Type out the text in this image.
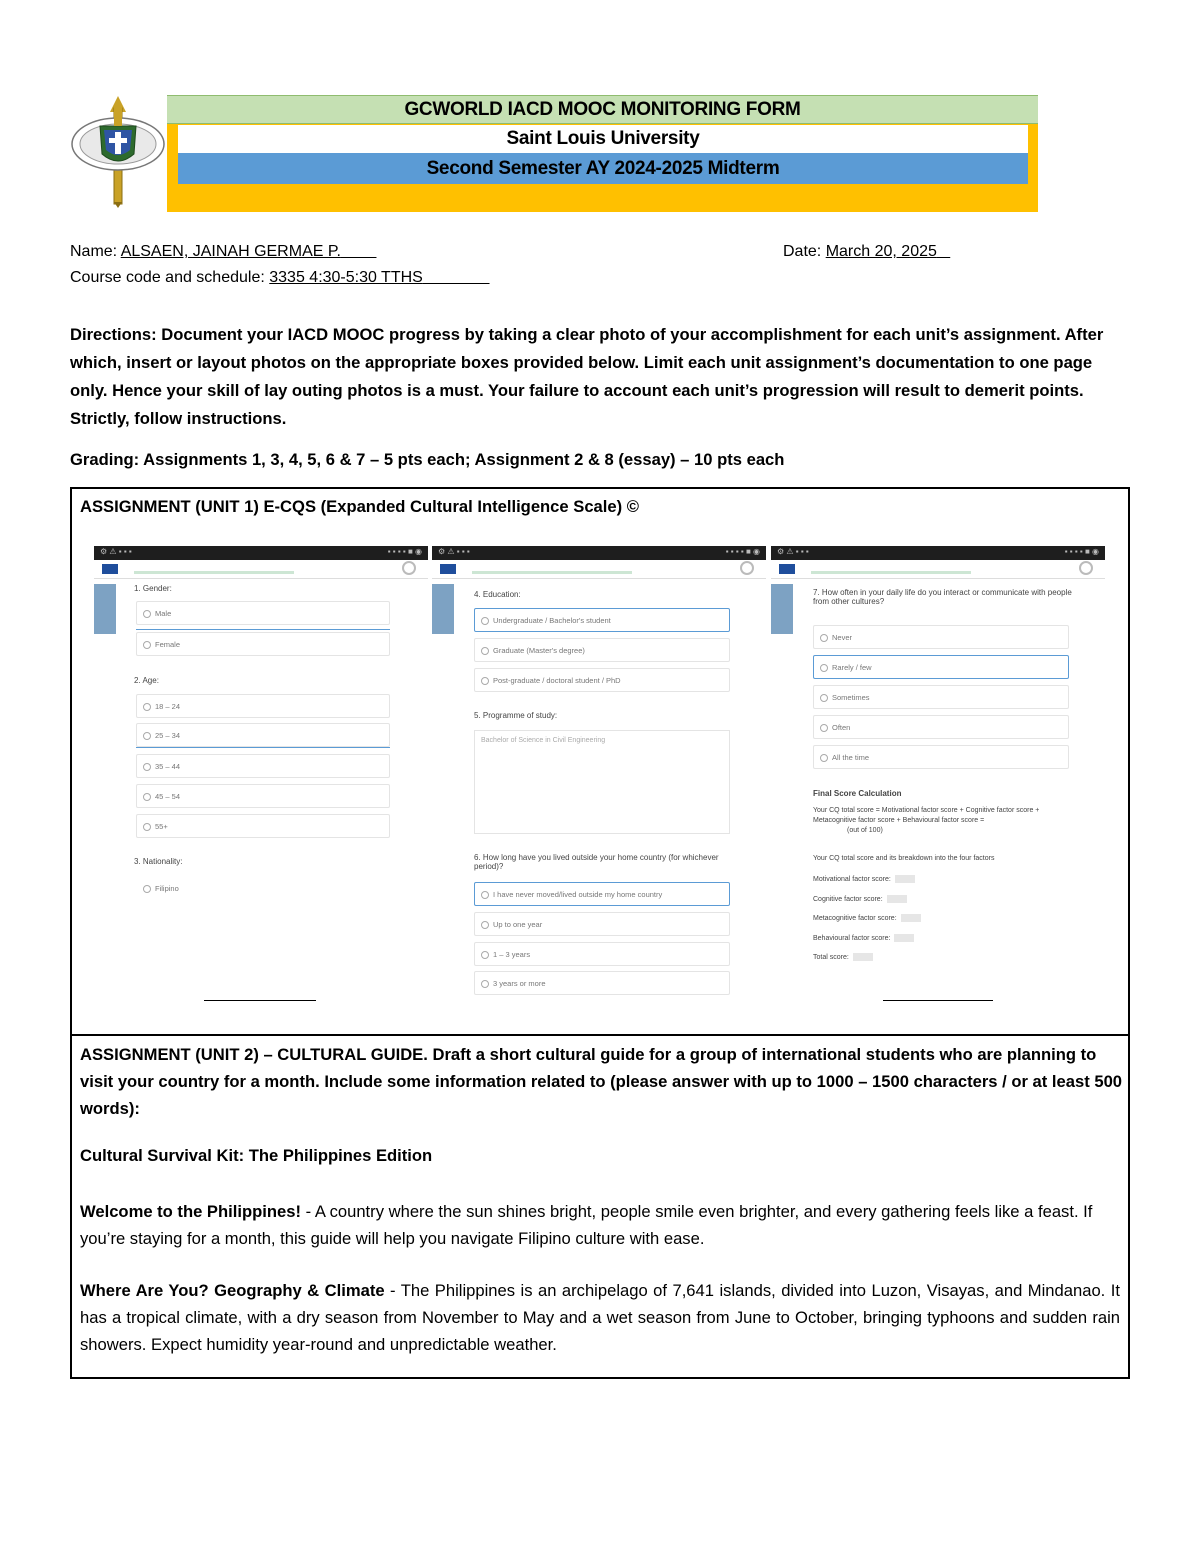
GCWORLD IACD MOOC MONITORING FORM
Saint Louis University
Second Semester AY 2024-2025 Midterm
Name: ALSAEN, JAINAH GERMAE P.	Date: March 20, 2025
Course code and schedule: 3335 4:30-5:30 TTHS
Directions: Document your IACD MOOC progress by taking a clear photo of your accomplishment for each unit’s assignment. After which, insert or layout photos on the appropriate boxes provided below. Limit each unit assignment’s documentation to one page only. Hence your skill of lay outing photos is a must. Your failure to account each unit’s progression will result to demerit points. Strictly, follow instructions.
Grading: Assignments 1, 3, 4, 5, 6 & 7 – 5 pts each; Assignment 2 & 8 (essay) – 10 pts each
ASSIGNMENT (UNIT 1) E-CQS (Expanded Cultural Intelligence Scale) ©
⚙ ⚠ ▪ ▪ ▪	▪ ▪ ▪ ▪ ■ ◉
1. Gender:
Male
Female
2. Age:
18 – 24
25 – 34
35 – 44
45 – 54
55+
3. Nationality:
Filipino
⚙ ⚠ ▪ ▪ ▪	▪ ▪ ▪ ▪ ■ ◉
4. Education:
Undergraduate / Bachelor's student
Graduate (Master's degree)
Post-graduate / doctoral student / PhD
5. Programme of study:
Bachelor of Science in Civil Engineering
6. How long have you lived outside your home country (for whichever period)?
I have never moved/lived outside my home country
Up to one year
1 – 3 years
3 years or more
⚙ ⚠ ▪ ▪ ▪	▪ ▪ ▪ ▪ ■ ◉
7. How often in your daily life do you interact or communicate with people from other cultures?
Never
Rarely / few
Sometimes
Often
All the time
Final Score Calculation
Your CQ total score = Motivational factor score + Cognitive factor score + Metacognitive factor score + Behavioural factor score =
(out of 100)
Your CQ total score and its breakdown into the four factors
Motivational factor score:
Cognitive factor score:
Metacognitive factor score:
Behavioural factor score:
Total score:
ASSIGNMENT (UNIT 2) – CULTURAL GUIDE. Draft a short cultural guide for a group of international students who are planning to visit your country for a month. Include some information related to (please answer with up to 1000 – 1500 characters / or at least 500 words):
Cultural Survival Kit: The Philippines Edition
Welcome to the Philippines! - A country where the sun shines bright, people smile even brighter, and every gathering feels like a feast. If you’re staying for a month, this guide will help you navigate Filipino culture with ease.
Where Are You? Geography & Climate - The Philippines is an archipelago of 7,641 islands, divided into Luzon, Visayas, and Mindanao. It has a tropical climate, with a dry season from November to May and a wet season from June to October, bringing typhoons and sudden rain showers. Expect humidity year-round and unpredictable weather.
